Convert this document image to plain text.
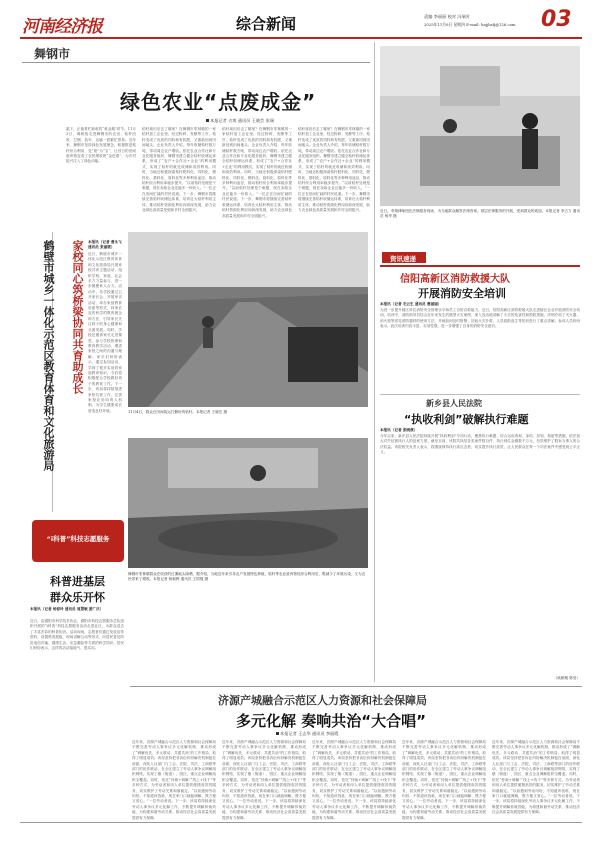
河南经济报	综合新闻	责编 李丽丽 校对 冯瑞芳
2025年11月6日 星期四 E-mail: hnjjbsfj@126.com 03
舞钢市
绿色农业“点废成金”
本报记者 吉爽 通讯员 王晓芸 张瑞
霜下，正值青贮新收的“黄金期”时节。11月3日，调研组走进舞钢市的农田，秸秆回收、打捆、装车、运输一派繁忙景象。近年来，舞钢市坚持绿色发展理念，积极推进秸秆综合利用，变“废”为“宝”，让昔日的田间废弃物变成了农民增收的“金疙瘩”，为乡村振兴注入了绿色动能。
秸秆离田后去了哪里？在舞钢市枣林镇的一家秸秆加工企业里，经过粉碎、发酵等工序，秸秆变成了优质的饲料和有机肥，又重新回到田间地头。企业负责人介绍，每年收储秸秆数万吨，带动周边农户增收。依托农业合作社和专业化服务组织，舞钢市建立健全秸秆收储运体系，形成了“农户+合作社+企业”的利用模式，实现了秸秆的就近收储和高效利用。同时，当地还积极探索秸秆肥料化、饲料化、燃料化、基料化、原料化等多种利用途径，推动秸秆综合利用率稳步提升。“以前秸秆处理是个难题，现在卖给企业还能多一份收入。”一位正在田间忙碌的村民说道。下一步，舞钢市将继续完善秸秆收储运体系，培育壮大秸秆利用主体，推动秸秆资源化利用向纵深发展，助力农业绿色高质量发展和乡村全面振兴。
秸秆离田后去了哪里？在舞钢市枣林镇的一家秸秆加工企业里，经过粉碎、发酵等工序，秸秆变成了优质的饲料和有机肥，又重新回到田间地头。企业负责人介绍，每年收储秸秆数万吨，带动周边农户增收。依托农业合作社和专业化服务组织，舞钢市建立健全秸秆收储运体系，形成了“农户+合作社+企业”的利用模式，实现了秸秆的就近收储和高效利用。同时，当地还积极探索秸秆肥料化、饲料化、燃料化、基料化、原料化等多种利用途径，推动秸秆综合利用率稳步提升。“以前秸秆处理是个难题，现在卖给企业还能多一份收入。”一位正在田间忙碌的村民说道。下一步，舞钢市将继续完善秸秆收储运体系，培育壮大秸秆利用主体，推动秸秆资源化利用向纵深发展，助力农业绿色高质量发展和乡村全面振兴。
秸秆离田后去了哪里？在舞钢市枣林镇的一家秸秆加工企业里，经过粉碎、发酵等工序，秸秆变成了优质的饲料和有机肥，又重新回到田间地头。企业负责人介绍，每年收储秸秆数万吨，带动周边农户增收。依托农业合作社和专业化服务组织，舞钢市建立健全秸秆收储运体系，形成了“农户+合作社+企业”的利用模式，实现了秸秆的就近收储和高效利用。同时，当地还积极探索秸秆肥料化、饲料化、燃料化、基料化、原料化等多种利用途径，推动秸秆综合利用率稳步提升。“以前秸秆处理是个难题，现在卖给企业还能多一份收入。”一位正在田间忙碌的村民说道。下一步，舞钢市将继续完善秸秆收储运体系，培育壮大秸秆利用主体，推动秸秆资源化利用向纵深发展，助力农业绿色高质量发展和乡村全面振兴。
鹤壁市城乡一体化示范区教育体育和文化旅游局
家校同心筑桥梁协同共育助成长
本报讯（记者 曹永飞 通讯员 张丽媛）
近日，鹤壁市城乡一体化示范区教育体育和文化旅游局开展家校共育主题活动，组织学校、家庭、社会多方力量参与，进一步凝聚育人合力。活动中，各学校通过召开家长会、开展家访活动、举办家庭教育讲座等形式，向家长宣传科学的教育理念和方法，引导家长关注孩子的身心健康和全面发展。同时，学校还邀请家长走进课堂，参与学校管理和教育教学活动，增进家校之间的沟通与理解。家长们纷纷表示，通过参加活动，学到了很多实用的家庭教育知识，今后将积极配合学校做好孩子的教育工作。下一步，该局将持续推进家校共育工作，完善家校社协同育人机制，为学生健康成长营造良好环境。	11月4日，群众在田间装运打捆好的秸秆。本报记者 王晓芸 摄
舞钢市枣林镇群众在收获的红薯地头晾晒，据介绍，当地近年来引导农户发展特色种植，秸秆等农业废弃物经综合利用后，既减少了环境污染，又为农民带来了增收。本报记者 杨朝辉 通讯员 王国强 摄
“i科普”科技志愿服务
科普进基层
群众乐开怀
本报讯（记者 杨春玲 通讯员 周慧敏 游广庆）
近日，由濮阳市科学技术协会、濮阳市科技志愿服务总队组织开展的“i科普”科技志愿服务活动走进社区，为群众送去了丰富多彩的科普知识。活动现场，志愿者们通过发放宣传资料、设置科普展板、现场讲解互动等形式，向居民普及防范电信诈骗、健康生活、应急避险等方面的科学知识。居民们纷纷表示，这样的活动接地气、很实用。
近日，李翔律师团在法律服务现场，为当地群众解答法律咨询。基层法律服务的开展，受到群众的欢迎。本报记者 李占力 通讯员 杨华 摄
资讯速递
信阳高新区消防救援大队
开展消防安全培训
本报讯（记者 毛云生 通讯员 曹丽丽）
为进一步提升辖区单位消防安全管理水平和员工自防自救能力，近日，信阳高新区消防救援大队走进辖区企业开展消防安全培训。培训中，消防指导员结合近年来发生的典型火灾案例，深入浅出地讲解了火灾的危害性和预防措施，详细介绍了灭火器、消火栓等常见消防器材的使用方法，并就如何及时报警、初起火灾扑救、人员疏散逃生等知识进行了重点讲解。参训人员纷纷表示，此次培训内容丰富、实用性强，进一步增强了自身的消防安全意识。
新乡县人民法院
“执收利剑”破解执行难题
本报讯（记者 张晓燕）
今年以来，新乡县人民法院持续开展“执收利剑”专项行动，聚焦执行难题，综合运用查询、冻结、扣划、拘留等措施，依法加大对失信被执行人的惩戒力度。截至目前，该院共执结各类案件数百件，执行到位金额数千万元，有效维护了胜诉当事人的合法权益。该院相关负责人表示，将继续保持执行高压态势，切实提升执行质效，让人民群众在每一个司法案件中感受到公平正义。
（戚颖雅 陈莹）
济源产城融合示范区人力资源和社会保障局
多元化解 奏响共治“大合唱”
本报记者 王志华 通讯员 李丽霞
近年来，济源产城融合示范区人力资源和社会保障局不断完善劳动人事争议多元化解机制，推动形成了“调解优先、多元联动、共建共治”的工作格局，取得了明显成效。该局坚持把非诉讼纠纷解决机制挺在前面，深化人社部门与工会、法院、司法、工商联等部门的协作联动，在全区建立了劳动人事争议调解组织网络，实现了镇（街道）、园区、重点企业调解组织全覆盖。同时，依托“仲裁+调解”“线上+线下”等多种方式，为劳动者和用人单位提供便捷高效的服务，切实维护了劳动关系和谐稳定。“以前遇到劳动纠纷，不知道该找谁，现在家门口就能调解，既方便又省心。”一位劳动者说。下一步，该局将持续深化劳动人事争议多元化解工作，不断提升调解仲裁效能，为构建和谐劳动关系、推动经济社会高质量发展提供有力保障。
近年来，济源产城融合示范区人力资源和社会保障局不断完善劳动人事争议多元化解机制，推动形成了“调解优先、多元联动、共建共治”的工作格局，取得了明显成效。该局坚持把非诉讼纠纷解决机制挺在前面，深化人社部门与工会、法院、司法、工商联等部门的协作联动，在全区建立了劳动人事争议调解组织网络，实现了镇（街道）、园区、重点企业调解组织全覆盖。同时，依托“仲裁+调解”“线上+线下”等多种方式，为劳动者和用人单位提供便捷高效的服务，切实维护了劳动关系和谐稳定。“以前遇到劳动纠纷，不知道该找谁，现在家门口就能调解，既方便又省心。”一位劳动者说。下一步，该局将持续深化劳动人事争议多元化解工作，不断提升调解仲裁效能，为构建和谐劳动关系、推动经济社会高质量发展提供有力保障。
近年来，济源产城融合示范区人力资源和社会保障局不断完善劳动人事争议多元化解机制，推动形成了“调解优先、多元联动、共建共治”的工作格局，取得了明显成效。该局坚持把非诉讼纠纷解决机制挺在前面，深化人社部门与工会、法院、司法、工商联等部门的协作联动，在全区建立了劳动人事争议调解组织网络，实现了镇（街道）、园区、重点企业调解组织全覆盖。同时，依托“仲裁+调解”“线上+线下”等多种方式，为劳动者和用人单位提供便捷高效的服务，切实维护了劳动关系和谐稳定。“以前遇到劳动纠纷，不知道该找谁，现在家门口就能调解，既方便又省心。”一位劳动者说。下一步，该局将持续深化劳动人事争议多元化解工作，不断提升调解仲裁效能，为构建和谐劳动关系、推动经济社会高质量发展提供有力保障。
近年来，济源产城融合示范区人力资源和社会保障局不断完善劳动人事争议多元化解机制，推动形成了“调解优先、多元联动、共建共治”的工作格局，取得了明显成效。该局坚持把非诉讼纠纷解决机制挺在前面，深化人社部门与工会、法院、司法、工商联等部门的协作联动，在全区建立了劳动人事争议调解组织网络，实现了镇（街道）、园区、重点企业调解组织全覆盖。同时，依托“仲裁+调解”“线上+线下”等多种方式，为劳动者和用人单位提供便捷高效的服务，切实维护了劳动关系和谐稳定。“以前遇到劳动纠纷，不知道该找谁，现在家门口就能调解，既方便又省心。”一位劳动者说。下一步，该局将持续深化劳动人事争议多元化解工作，不断提升调解仲裁效能，为构建和谐劳动关系、推动经济社会高质量发展提供有力保障。
近年来，济源产城融合示范区人力资源和社会保障局不断完善劳动人事争议多元化解机制，推动形成了“调解优先、多元联动、共建共治”的工作格局，取得了明显成效。该局坚持把非诉讼纠纷解决机制挺在前面，深化人社部门与工会、法院、司法、工商联等部门的协作联动，在全区建立了劳动人事争议调解组织网络，实现了镇（街道）、园区、重点企业调解组织全覆盖。同时，依托“仲裁+调解”“线上+线下”等多种方式，为劳动者和用人单位提供便捷高效的服务，切实维护了劳动关系和谐稳定。“以前遇到劳动纠纷，不知道该找谁，现在家门口就能调解，既方便又省心。”一位劳动者说。下一步，该局将持续深化劳动人事争议多元化解工作，不断提升调解仲裁效能，为构建和谐劳动关系、推动经济社会高质量发展提供有力保障。
